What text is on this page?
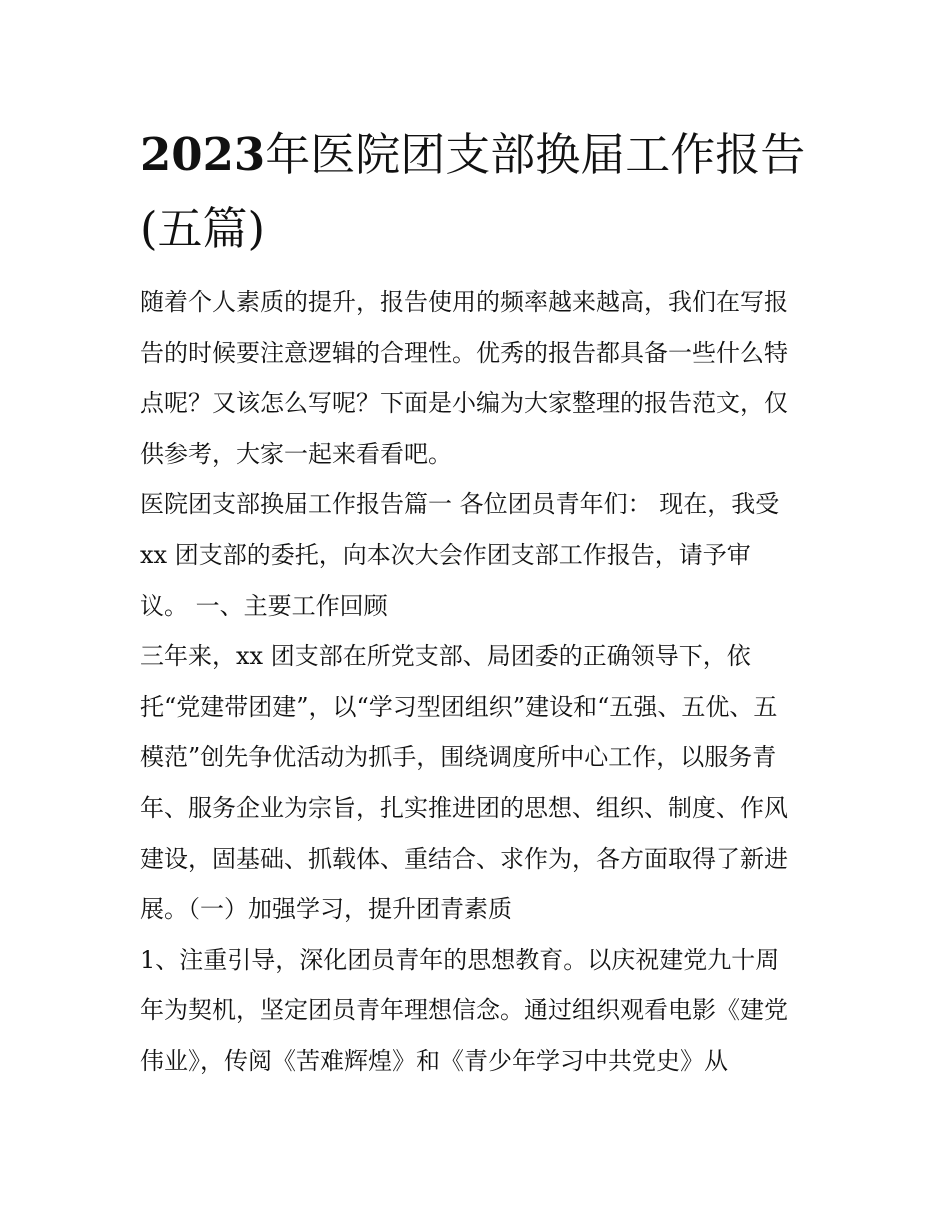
2023年医院团支部换届工作报告(五篇)
随着个人素质的提升，报告使用的频率越来越高，我们在写报
告的时候要注意逻辑的合理性。优秀的报告都具备一些什么特
点呢？又该怎么写呢？下面是小编为大家整理的报告范文，仅
供参考，大家一起来看看吧。
医院团支部换届工作报告篇一 各位团员青年们： 现在，我受
xx 团支部的委托，向本次大会作团支部工作报告，请予审
议。 一、主要工作回顾
三年来，xx 团支部在所党支部、局团委的正确领导下，依
托“党建带团建”，以“学习型团组织”建设和“五强、五优、五
模范”创先争优活动为抓手，围绕调度所中心工作，以服务青
年、服务企业为宗旨，扎实推进团的思想、组织、制度、作风
建设，固基础、抓载体、重结合、求作为，各方面取得了新进
展。（一）加强学习，提升团青素质
1、注重引导，深化团员青年的思想教育。以庆祝建党九十周
年为契机，坚定团员青年理想信念。通过组织观看电影《建党
伟业》，传阅《苦难辉煌》和《青少年学习中共党史》从
